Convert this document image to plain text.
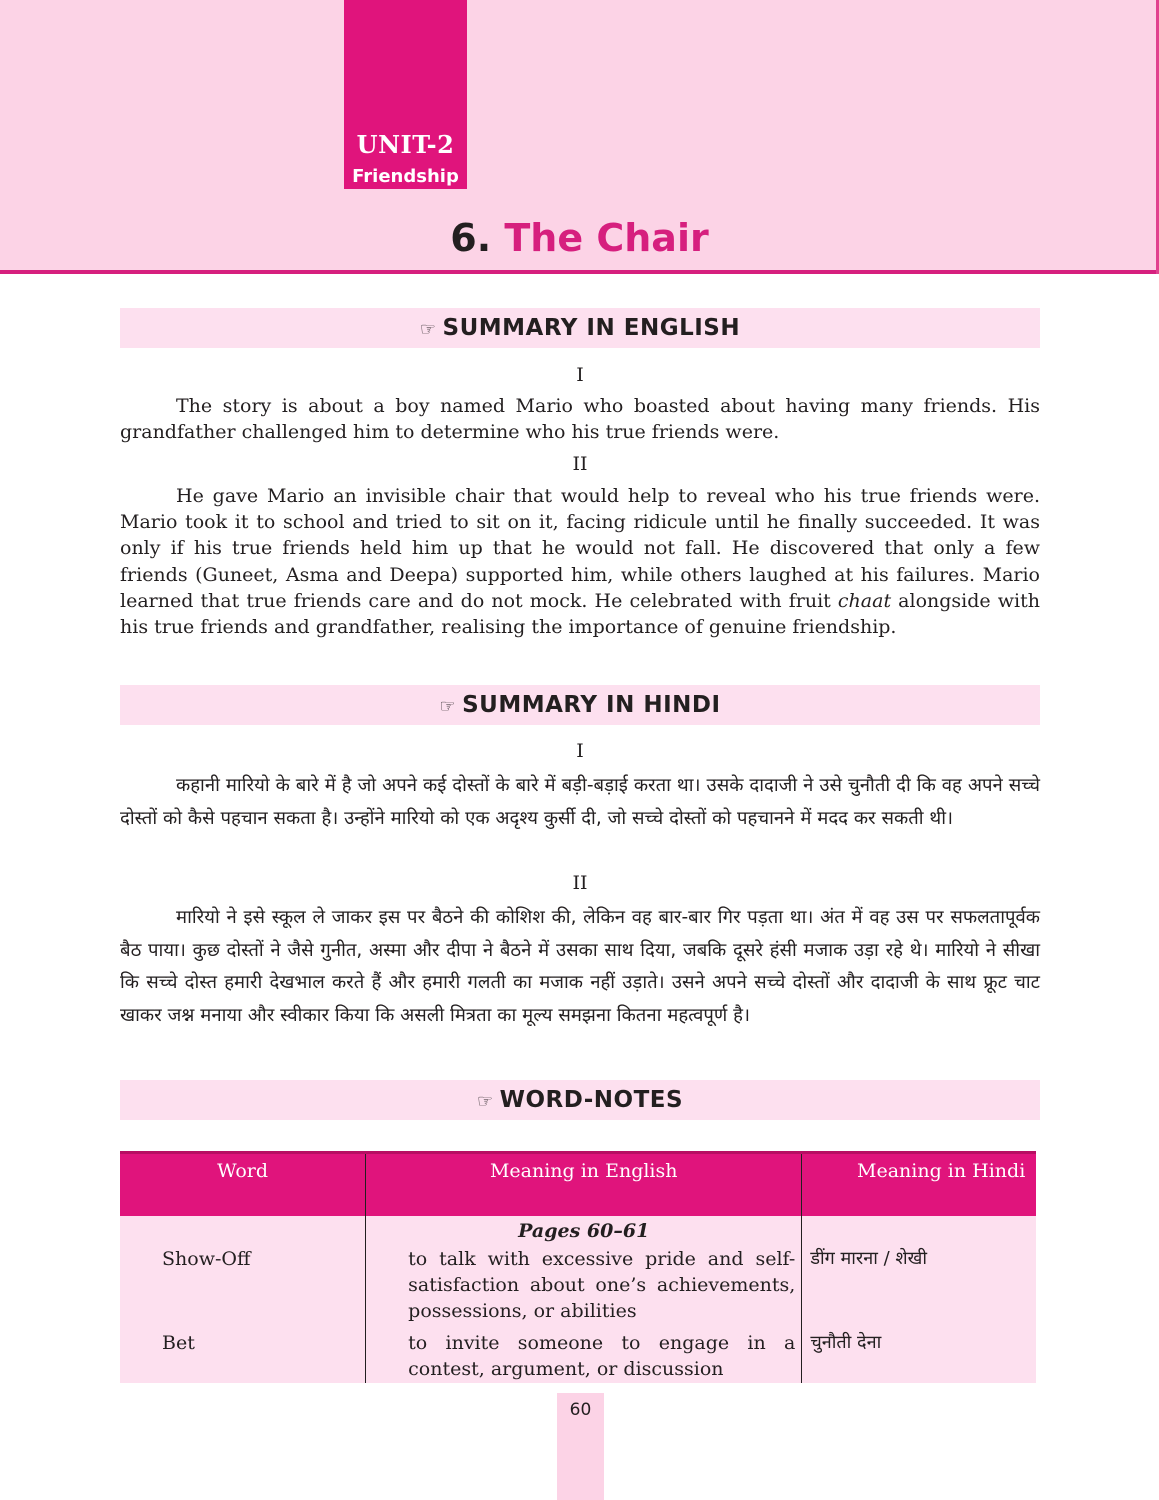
UNIT-2
Friendship
6. The Chair
☞ SUMMARY IN ENGLISH
I

The story is about a boy named Mario who boasted about having many friends. His grandfather challenged him to determine who his true friends were.

II

He gave Mario an invisible chair that would help to reveal who his true friends were. Mario took it to school and tried to sit on it, facing ridicule until he finally succeeded. It was only if his true friends held him up that he would not fall. He discovered that only a few friends (Guneet, Asma and Deepa) supported him, while others laughed at his failures. Mario learned that true friends care and do not mock. He celebrated with fruit chaat alongside with his true friends and grandfather, realising the importance of genuine friendship.

☞ SUMMARY IN HINDI
I

कहानी मारियो के बारे में है जो अपने कई दोस्तों के बारे में बड़ी-बड़ाई करता था। उसके दादाजी ने उसे चुनौती दी कि वह अपने सच्चे दोस्तों को कैसे पहचान सकता है। उन्होंने मारियो को एक अदृश्य कुर्सी दी, जो सच्चे दोस्तों को पहचानने में मदद कर सकती थी।

II

मारियो ने इसे स्कूल ले जाकर इस पर बैठने की कोशिश की, लेकिन वह बार-बार गिर पड़ता था। अंत में वह उस पर सफलतापूर्वक बैठ पाया। कुछ दोस्तों ने जैसे गुनीत, अस्मा और दीपा ने बैठने में उसका साथ दिया, जबकि दूसरे हंसी मजाक उड़ा रहे थे। मारियो ने सीखा कि सच्चे दोस्त हमारी देखभाल करते हैं और हमारी गलती का मजाक नहीं उड़ाते। उसने अपने सच्चे दोस्तों और दादाजी के साथ फ्रूट चाट खाकर जश्न मनाया और स्वीकार किया कि असली मित्रता का मूल्य समझना कितना महत्वपूर्ण है।

☞ WORD-NOTES
Word	Meaning in English	Meaning in Hindi
	Pages 60–61	
Show-Off	to talk with excessive pride and self-satisfaction about one’s achievements, possessions, or abilities	डींग मारना / शेखी
Bet	to invite someone to engage in a contest, argument, or discussion	चुनौती देना
60
